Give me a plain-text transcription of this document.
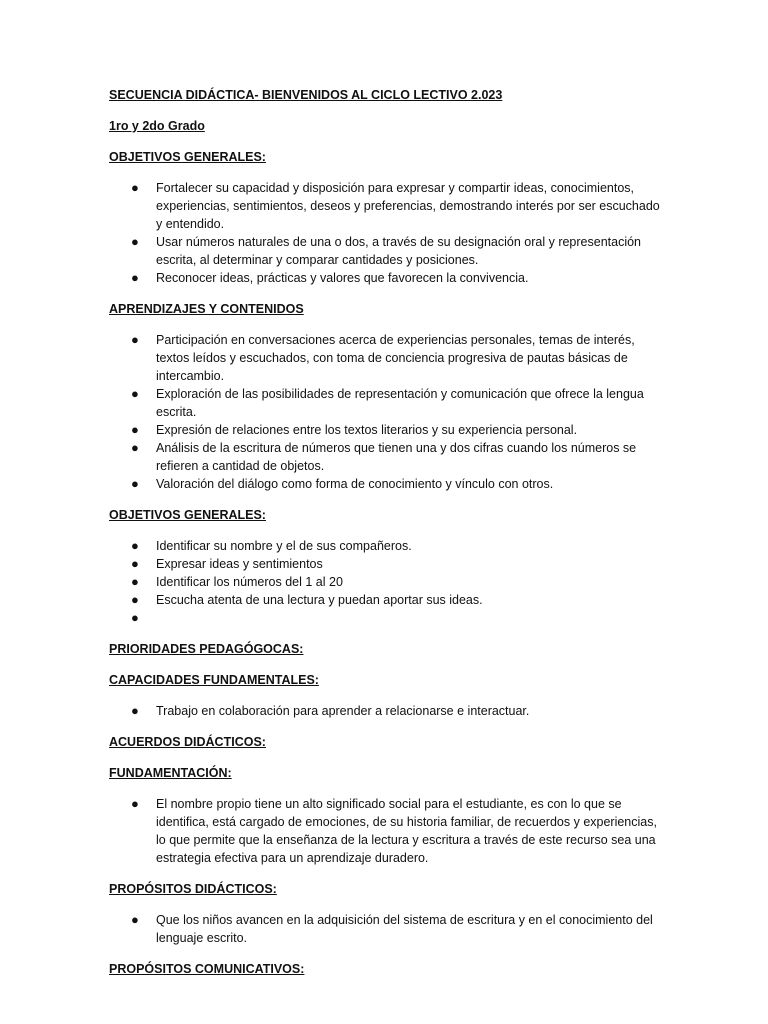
SECUENCIA DIDÁCTICA- BIENVENIDOS AL CICLO LECTIVO 2.023
1ro y 2do Grado
OBJETIVOS GENERALES:
● Fortalecer su capacidad y disposición para expresar y compartir ideas, conocimientos, experiencias, sentimientos, deseos y preferencias, demostrando interés por ser escuchado y entendido.
● Usar números naturales de una o dos, a través de su designación oral y representación escrita, al determinar y comparar cantidades y posiciones.
● Reconocer ideas, prácticas y valores que favorecen la convivencia.
APRENDIZAJES Y CONTENIDOS
● Participación en conversaciones acerca de experiencias personales, temas de interés, textos leídos y escuchados, con toma de conciencia progresiva de pautas básicas de intercambio.
● Exploración de las posibilidades de representación y comunicación que ofrece la lengua escrita.
● Expresión de relaciones entre los textos literarios y su experiencia personal.
● Análisis de la escritura de números que tienen una y dos cifras cuando los números se refieren a cantidad de objetos.
● Valoración del diálogo como forma de conocimiento y vínculo con otros.
OBJETIVOS GENERALES:
● Identificar su nombre y el de sus compañeros.
● Expresar ideas y sentimientos
● Identificar los números del 1 al 20
● Escucha atenta de una lectura y puedan aportar sus ideas.
●
PRIORIDADES PEDAGÓGOCAS:
CAPACIDADES FUNDAMENTALES:
● Trabajo en colaboración para aprender a relacionarse e interactuar.
ACUERDOS DIDÁCTICOS:
FUNDAMENTACIÓN:
● El nombre propio tiene un alto significado social para el estudiante, es con lo que se identifica, está cargado de emociones, de su historia familiar, de recuerdos y experiencias, lo que permite que la enseñanza de la lectura y escritura a través de este recurso sea una estrategia efectiva para un aprendizaje duradero.
PROPÓSITOS DIDÁCTICOS:
● Que los niños avancen en la adquisición del sistema de escritura y en el conocimiento del lenguaje escrito.
PROPÓSITOS COMUNICATIVOS:
